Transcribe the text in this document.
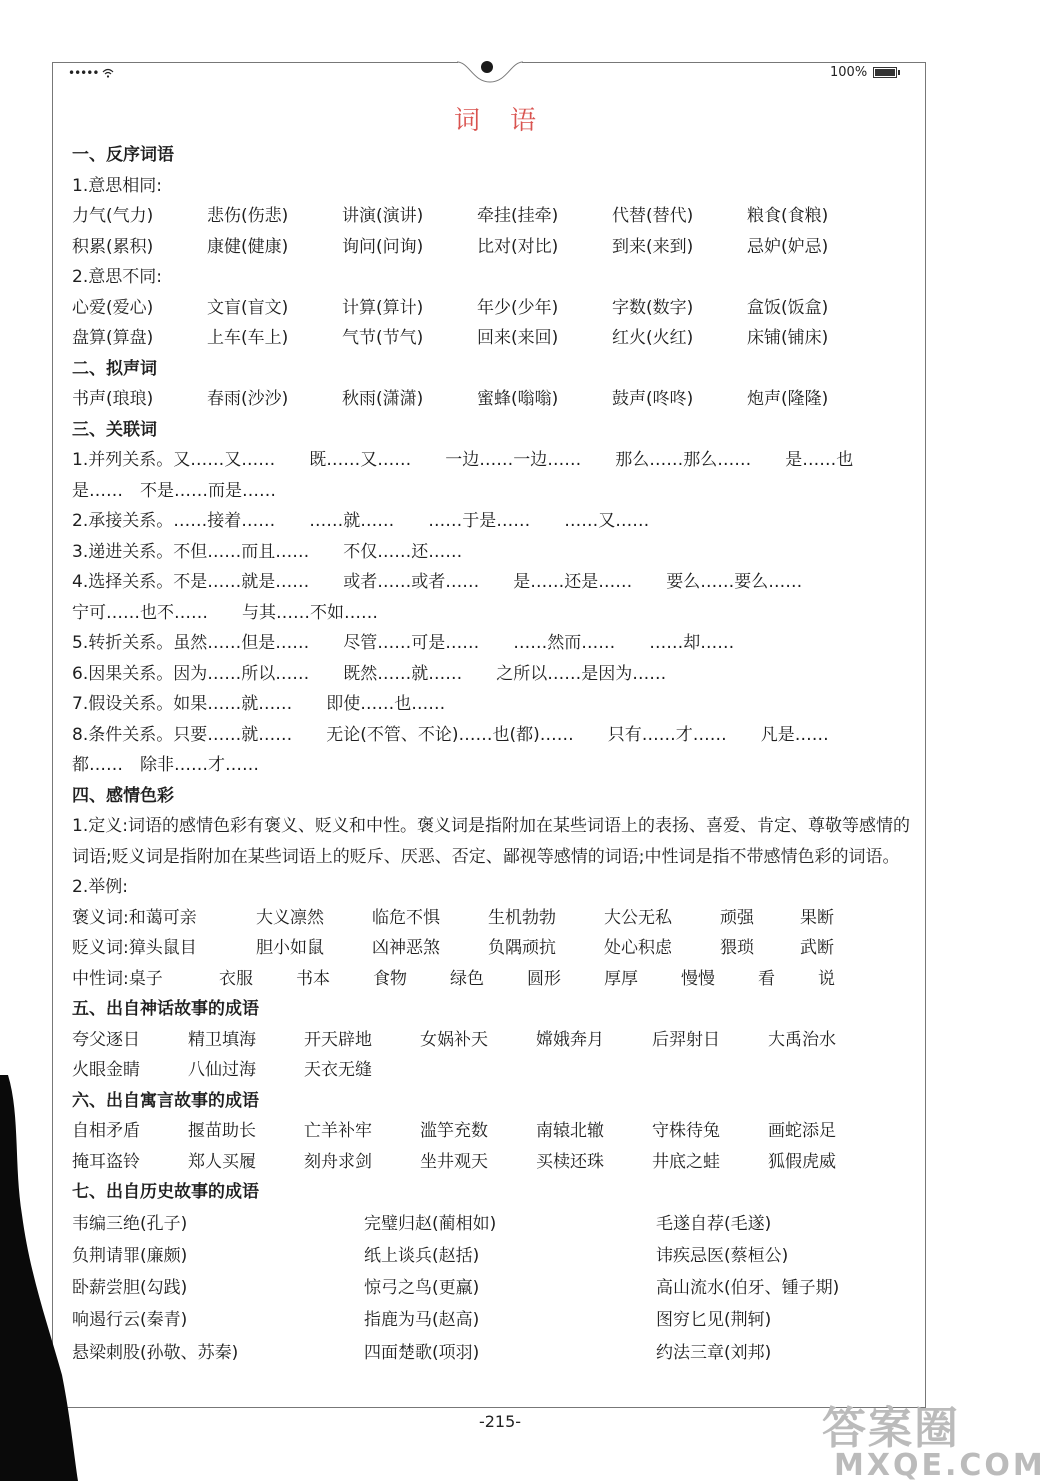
•••••	100%
词语
一、反序词语
1.意思相同:
力气(气力)	悲伤(伤悲)	讲演(演讲)	牵挂(挂牵)	代替(替代)	粮食(食粮)
积累(累积)	康健(健康)	询问(问询)	比对(对比)	到来(来到)	忌妒(妒忌)
2.意思不同:
心爱(爱心)	文盲(盲文)	计算(算计)	年少(少年)	字数(数字)	盒饭(饭盒)
盘算(算盘)	上车(车上)	气节(节气)	回来(来回)	红火(火红)	床铺(铺床)
二、拟声词
书声(琅琅)	春雨(沙沙)	秋雨(潇潇)	蜜蜂(嗡嗡)	鼓声(咚咚)	炮声(隆隆)
三、关联词
1.并列关系。又……又……　　既……又……　　一边……一边……　　那么……那么……　　是……也
是……　不是……而是……
2.承接关系。……接着……　　……就……　　……于是……　　……又……
3.递进关系。不但……而且……　　不仅……还……
4.选择关系。不是……就是……　　或者……或者……　　是……还是……　　要么……要么……
宁可……也不……　　与其……不如……
5.转折关系。虽然……但是……　　尽管……可是……　　……然而……　　……却……
6.因果关系。因为……所以……　　既然……就……　　之所以……是因为……
7.假设关系。如果……就……　　即使……也……
8.条件关系。只要……就……　　无论(不管、不论)……也(都)……　　只有……才……　　凡是……
都……　除非……才……
四、感情色彩
1.定义:词语的感情色彩有褒义、贬义和中性。褒义词是指附加在某些词语上的表扬、喜爱、肯定、尊敬等感情的词语;贬义词是指附加在某些词语上的贬斥、厌恶、否定、鄙视等感情的词语;中性词是指不带感情色彩的词语。
2.举例:
褒义词:和蔼可亲	大义凛然	临危不惧	生机勃勃	大公无私	顽强	果断
贬义词:獐头鼠目	胆小如鼠	凶神恶煞	负隅顽抗	处心积虑	猥琐	武断
中性词:桌子	衣服	书本	食物	绿色	圆形	厚厚	慢慢	看	说
五、出自神话故事的成语
夸父逐日	精卫填海	开天辟地	女娲补天	嫦娥奔月	后羿射日	大禹治水
火眼金睛	八仙过海	天衣无缝
六、出自寓言故事的成语
自相矛盾	揠苗助长	亡羊补牢	滥竽充数	南辕北辙	守株待兔	画蛇添足
掩耳盗铃	郑人买履	刻舟求剑	坐井观天	买椟还珠	井底之蛙	狐假虎威
七、出自历史故事的成语
韦编三绝(孔子)	完璧归赵(蔺相如)	毛遂自荐(毛遂)
负荆请罪(廉颇)	纸上谈兵(赵括)	讳疾忌医(蔡桓公)
卧薪尝胆(勾践)	惊弓之鸟(更羸)	高山流水(伯牙、锺子期)
响遏行云(秦青)	指鹿为马(赵高)	图穷匕见(荆轲)
悬梁刺股(孙敬、苏秦)	四面楚歌(项羽)	约法三章(刘邦)
-215-	答案圈
MXQE.COM
